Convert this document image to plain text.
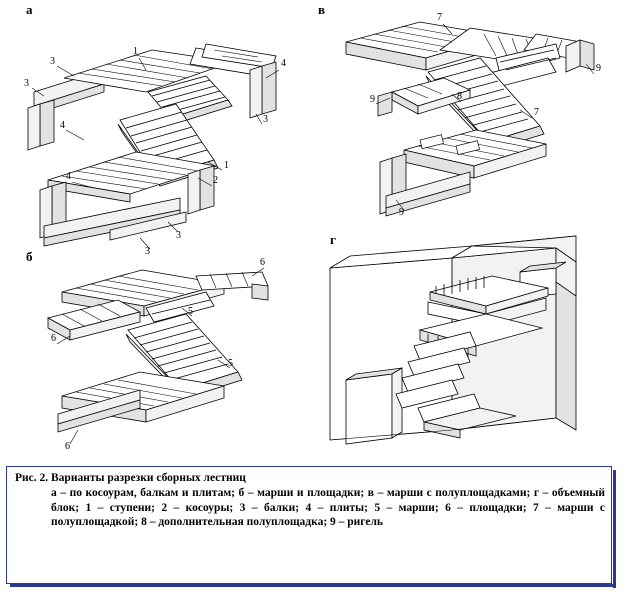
а	в
б
г
1
3	4
3
3
4
1
2
4
3
3
7
9
9	8
7
9
6
5
6
5
6
Рис. 2. Варианты разрезки сборных лестниц
а – по косоурам, балкам и плитам; б – марши и площадки; в – марши с полуплощадками; г – объемный блок; 1 – ступени; 2 – косоуры; 3 – балки; 4 – плиты; 5 – марши; 6 – площадки; 7 – марши с полуплощадкой; 8 – дополнительная полуплощадка; 9 – ригель
